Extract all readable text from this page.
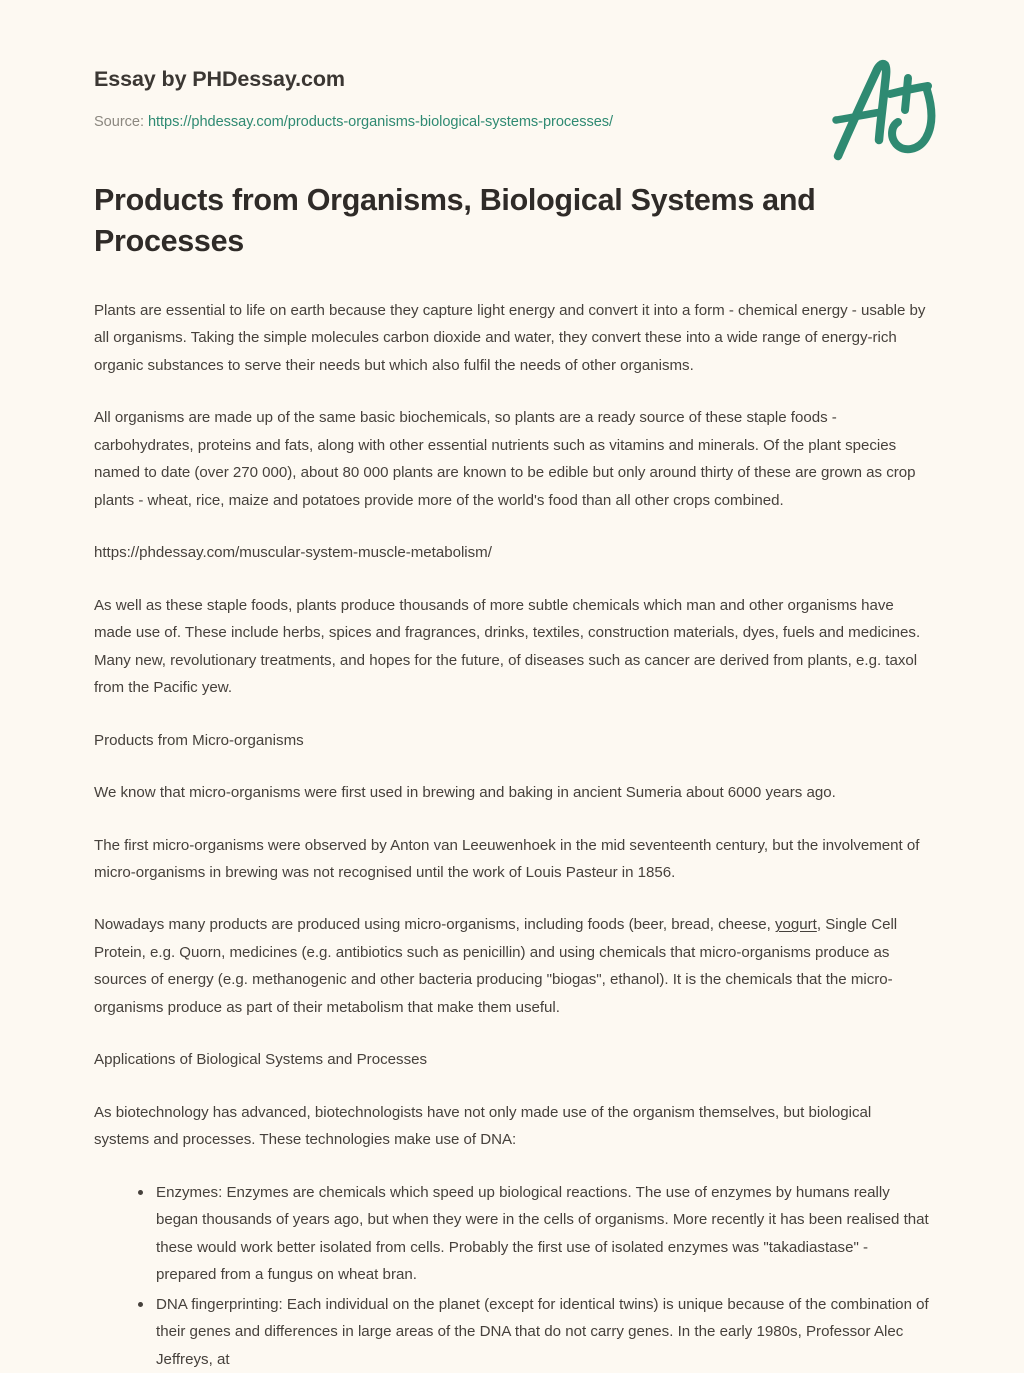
Essay by PHDessay.com
Source: https://phdessay.com/products-organisms-biological-systems-processes/
Products from Organisms, Biological Systems and Processes

Plants are essential to life on earth because they capture light energy and convert it into a form - chemical energy - usable by all organisms. Taking the simple molecules carbon dioxide and water, they convert these into a wide range of energy-rich organic substances to serve their needs but which also fulfil the needs of other organisms.

All organisms are made up of the same basic biochemicals, so plants are a ready source of these staple foods - carbohydrates, proteins and fats, along with other essential nutrients such as vitamins and minerals. Of the plant species named to date (over 270 000), about 80 000 plants are known to be edible but only around thirty of these are grown as crop plants - wheat, rice, maize and potatoes provide more of the world's food than all other crops combined.

https://phdessay.com/muscular-system-muscle-metabolism/

As well as these staple foods, plants produce thousands of more subtle chemicals which man and other organisms have made use of. These include herbs, spices and fragrances, drinks, textiles, construction materials, dyes, fuels and medicines. Many new, revolutionary treatments, and hopes for the future, of diseases such as cancer are derived from plants, e.g. taxol from the Pacific yew.

Products from Micro-organisms

We know that micro-organisms were first used in brewing and baking in ancient Sumeria about 6000 years ago.

The first micro-organisms were observed by Anton van Leeuwenhoek in the mid seventeenth century, but the involvement of micro-organisms in brewing was not recognised until the work of Louis Pasteur in 1856.

Nowadays many products are produced using micro-organisms, including foods (beer, bread, cheese, yogurt, Single Cell Protein, e.g. Quorn, medicines (e.g. antibiotics such as penicillin) and using chemicals that micro-organisms produce as sources of energy (e.g. methanogenic and other bacteria producing "biogas", ethanol). It is the chemicals that the micro-organisms produce as part of their metabolism that make them useful.

Applications of Biological Systems and Processes

As biotechnology has advanced, biotechnologists have not only made use of the organism themselves, but biological systems and processes. These technologies make use of DNA:

Enzymes: Enzymes are chemicals which speed up biological reactions. The use of enzymes by humans really began thousands of years ago, but when they were in the cells of organisms. More recently it has been realised that these would work better isolated from cells. Probably the first use of isolated enzymes was "takadiastase" - prepared from a fungus on wheat bran.
DNA fingerprinting: Each individual on the planet (except for identical twins) is unique because of the combination of their genes and differences in large areas of the DNA that do not carry genes. In the early 1980s, Professor Alec Jeffreys, at
